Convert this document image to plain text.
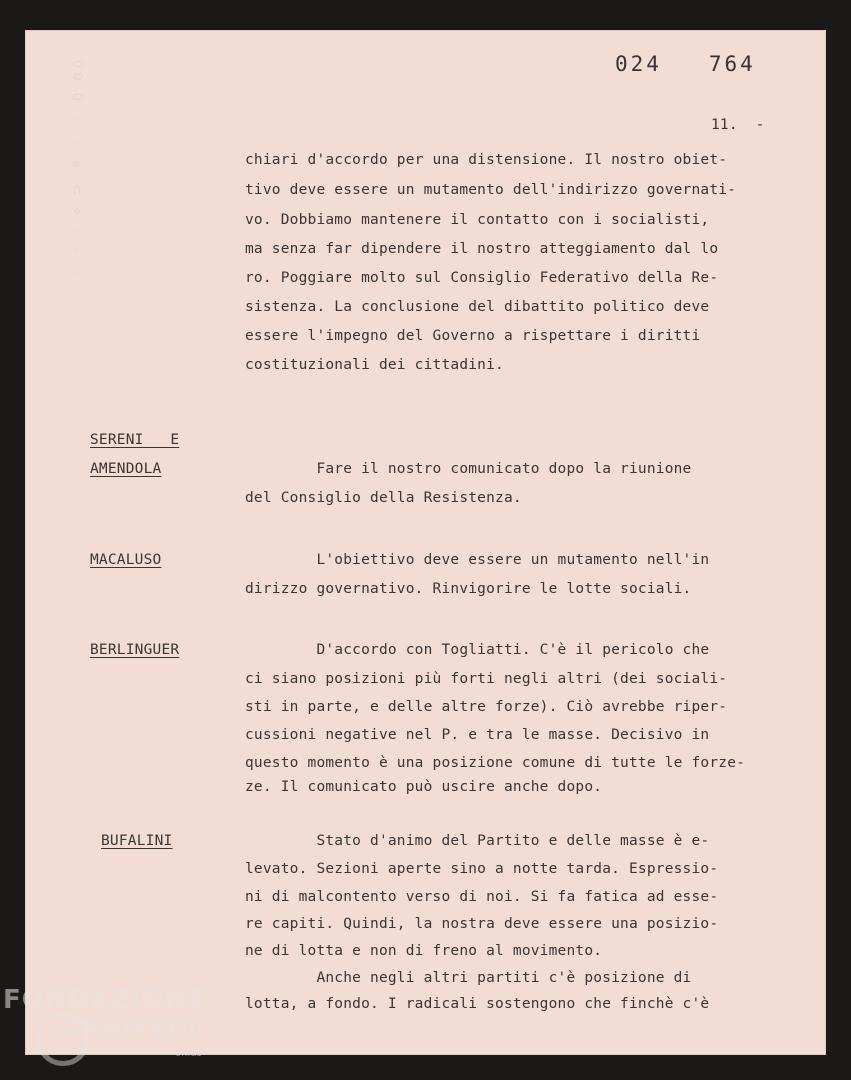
00 0 ◦ - ∞ ⊂ ⋄ - ◦ -	024   764
11.  -
chiari d'accordo per una distensione. Il nostro obiet-
tivo deve essere un mutamento dell'indirizzo governati-
vo. Dobbiamo mantenere il contatto con i socialisti,
ma senza far dipendere il nostro atteggiamento dal lo
ro. Poggiare molto sul Consiglio Federativo della Re-
sistenza. La conclusione del dibattito politico deve
essere l'impegno del Governo a rispettare i diritti
costituzionali dei cittadini.
SERENI   E
AMENDOLA	Fare il nostro comunicato dopo la riunione
del Consiglio della Resistenza.
MACALUSO	L'obiettivo deve essere un mutamento nell'in
dirizzo governativo. Rinvigorire le lotte sociali.
BERLINGUER	D'accordo con Togliatti. C'è il pericolo che
ci siano posizioni più forti negli altri (dei sociali-
sti in parte, e delle altre forze). Ciò avrebbe riper-
cussioni negative nel P. e tra le masse. Decisivo in
questo momento è una posizione comune di tutte le forze-
ze. Il comunicato può uscire anche dopo.
BUFALINI	Stato d'animo del Partito e delle masse è e-
levato. Sezioni aperte sino a notte tarda. Espressio-
ni di malcontento verso di noi. Si fa fatica ad esse-
re capiti. Quindi, la nostra deve essere una posizio-
ne di lotta e non di freno al movimento.
Anche negli altri partiti c'è posizione di
lotta, a fondo. I radicali sostengono che finchè c'è
FONDAZIONE
GRAMSCI
onlus
